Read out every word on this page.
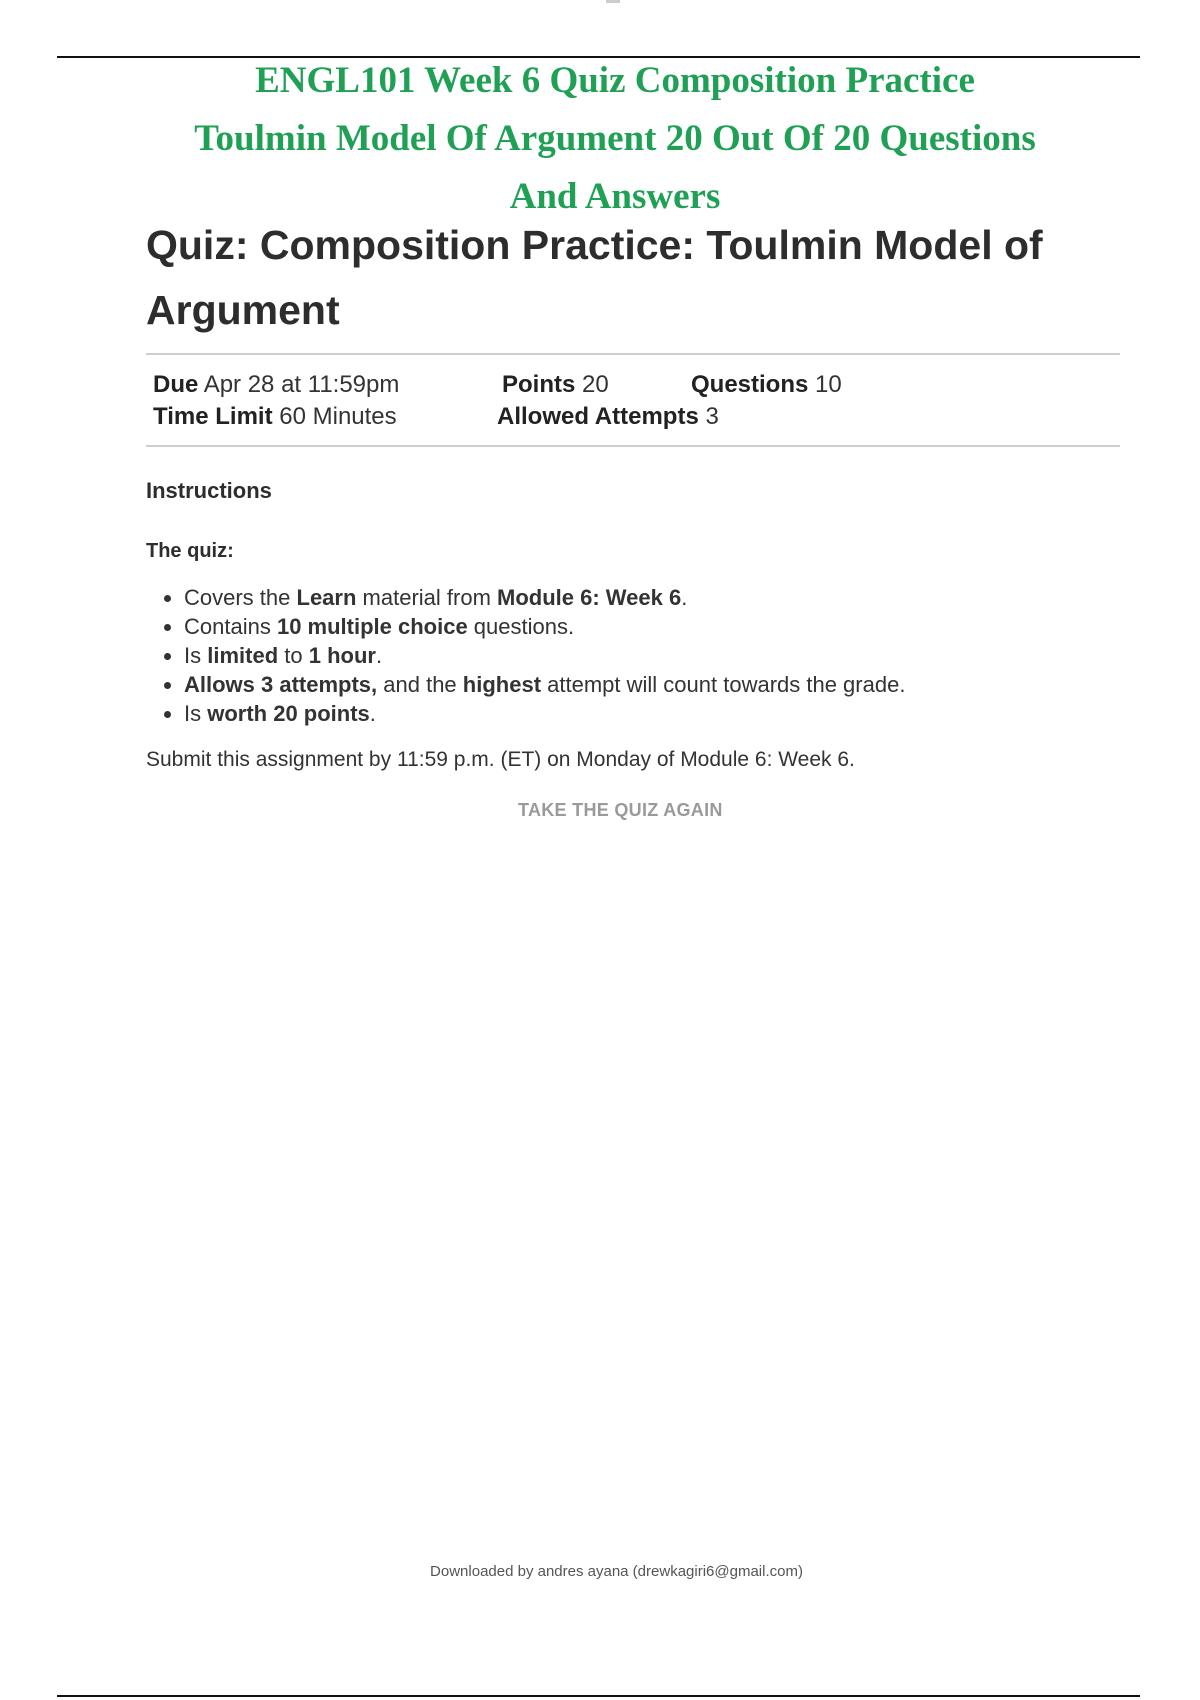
ENGL101 Week 6 Quiz Composition Practice
Toulmin Model Of Argument 20 Out Of 20 Questions
And Answers
Quiz: Composition Practice: Toulmin Model of Argument
Due Apr 28 at 11:59pm	Points 20	Questions 10
Time Limit 60 Minutes	Allowed Attempts 3
Instructions
The quiz:
• Covers the Learn material from Module 6: Week 6.
• Contains 10 multiple choice questions.
• Is limited to 1 hour.
• Allows 3 attempts, and the highest attempt will count towards the grade.
• Is worth 20 points.
Submit this assignment by 11:59 p.m. (ET) on Monday of Module 6: Week 6.
TAKE THE QUIZ AGAIN
Downloaded by andres ayana (drewkagiri6@gmail.com)
